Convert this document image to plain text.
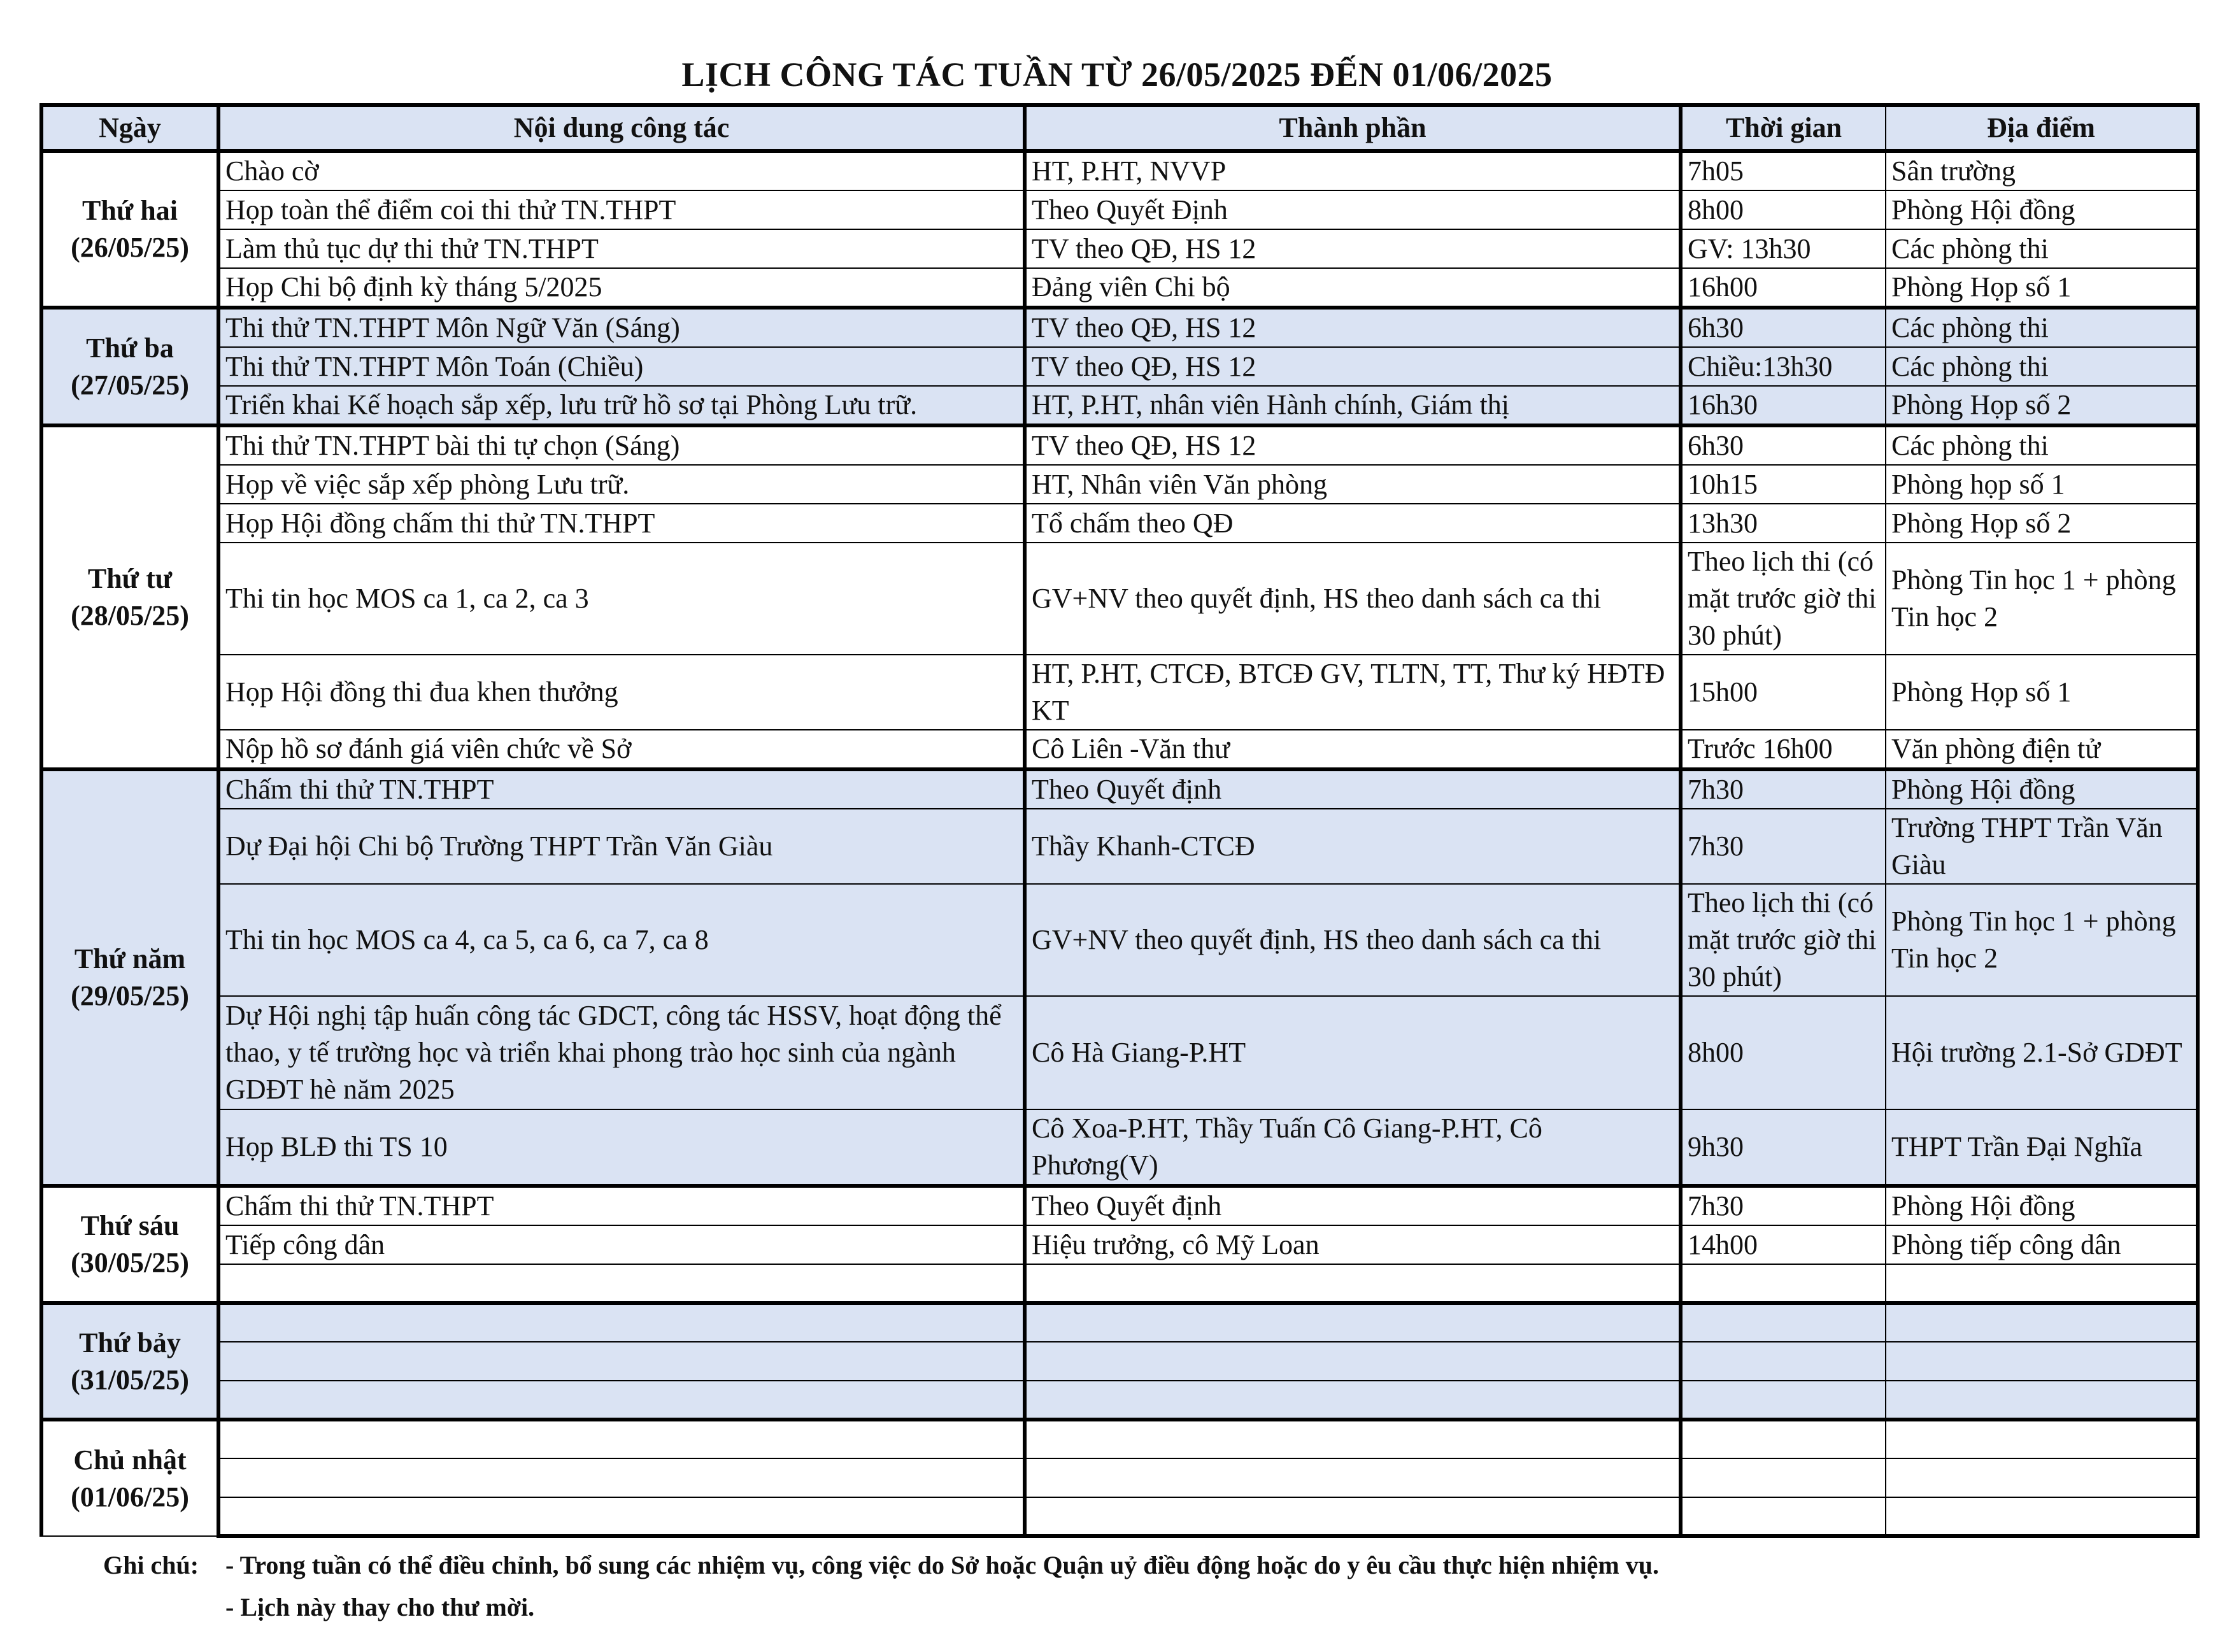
LỊCH CÔNG TÁC TUẦN TỪ 26/05/2025 ĐẾN 01/06/2025
Ngày	Nội dung công tác	Thành phần	Thời gian	Địa điểm

Thứ hai
(26/05/25)	Chào cờ	HT, P.HT, NVVP	7h05	Sân trường
	Họp toàn thể điểm coi thi thử TN.THPT	Theo Quyết Định	8h00	Phòng Hội đồng
	Làm thủ tục dự thi thử TN.THPT	TV theo QĐ, HS 12	GV: 13h30	Các phòng thi
	Họp Chi bộ định kỳ tháng 5/2025	Đảng viên Chi bộ	16h00	Phòng Họp số 1

Thứ ba
(27/05/25)	Thi thử TN.THPT Môn Ngữ Văn (Sáng)	TV theo QĐ, HS 12	6h30	Các phòng thi
	Thi thử TN.THPT Môn Toán (Chiều)	TV theo QĐ, HS 12	Chiều:13h30	Các phòng thi
	Triển khai Kế hoạch sắp xếp, lưu trữ hồ sơ tại Phòng Lưu trữ.	HT, P.HT, nhân viên Hành chính, Giám thị	16h30	Phòng Họp số 2

Thứ tư
(28/05/25)	Thi thử TN.THPT bài thi tự chọn (Sáng)	TV theo QĐ, HS 12	6h30	Các phòng thi
	Họp về việc sắp xếp phòng Lưu trữ.	HT, Nhân viên Văn phòng	10h15	Phòng họp số 1
	Họp Hội đồng chấm thi thử TN.THPT	Tổ chấm theo QĐ	13h30	Phòng Họp số 2
	Thi tin học MOS ca 1, ca 2, ca 3	GV+NV theo quyết định, HS theo danh sách ca thi	Theo lịch thi (có mặt trước giờ thi 30 phút)	Phòng Tin học 1 + phòng Tin học 2
	Họp Hội đồng thi đua khen thưởng	HT, P.HT, CTCĐ, BTCĐ GV, TLTN, TT, Thư ký HĐTĐ KT	15h00	Phòng Họp số 1
	Nộp hồ sơ đánh giá viên chức về Sở	Cô Liên -Văn thư	Trước 16h00	Văn phòng điện tử

Thứ năm
(29/05/25)	Chấm thi thử TN.THPT	Theo Quyết định	7h30	Phòng Hội đồng
	Dự Đại hội Chi bộ Trường THPT Trần Văn Giàu	Thầy Khanh-CTCĐ	7h30	Trường THPT Trần Văn Giàu
	Thi tin học MOS ca 4, ca 5, ca 6, ca 7, ca 8	GV+NV theo quyết định, HS theo danh sách ca thi	Theo lịch thi (có mặt trước giờ thi 30 phút)	Phòng Tin học 1 + phòng Tin học 2
	Dự Hội nghị tập huấn công tác GDCT, công tác HSSV, hoạt động thể thao, y tế trường học và triển khai phong trào học sinh của ngành GDĐT hè năm 2025	Cô Hà Giang-P.HT	8h00	Hội trường 2.1-Sở GDĐT
	Họp BLĐ thi TS 10	Cô Xoa-P.HT, Thầy Tuấn Cô Giang-P.HT, Cô Phương(V)	9h30	THPT Trần Đại Nghĩa

Thứ sáu
(30/05/25)	Chấm thi thử TN.THPT	Theo Quyết định	7h30	Phòng Hội đồng
	Tiếp công dân	Hiệu trưởng, cô Mỹ Loan	14h00	Phòng tiếp công dân

Thứ bảy
(31/05/25)				

Chủ nhật
(01/06/25)				

Ghi chú:	- Trong tuần có thể điều chỉnh, bổ sung các nhiệm vụ, công việc do Sở hoặc Quận uỷ điều động hoặc do y êu cầu thực hiện nhiệm vụ.
- Lịch này thay cho thư mời.
